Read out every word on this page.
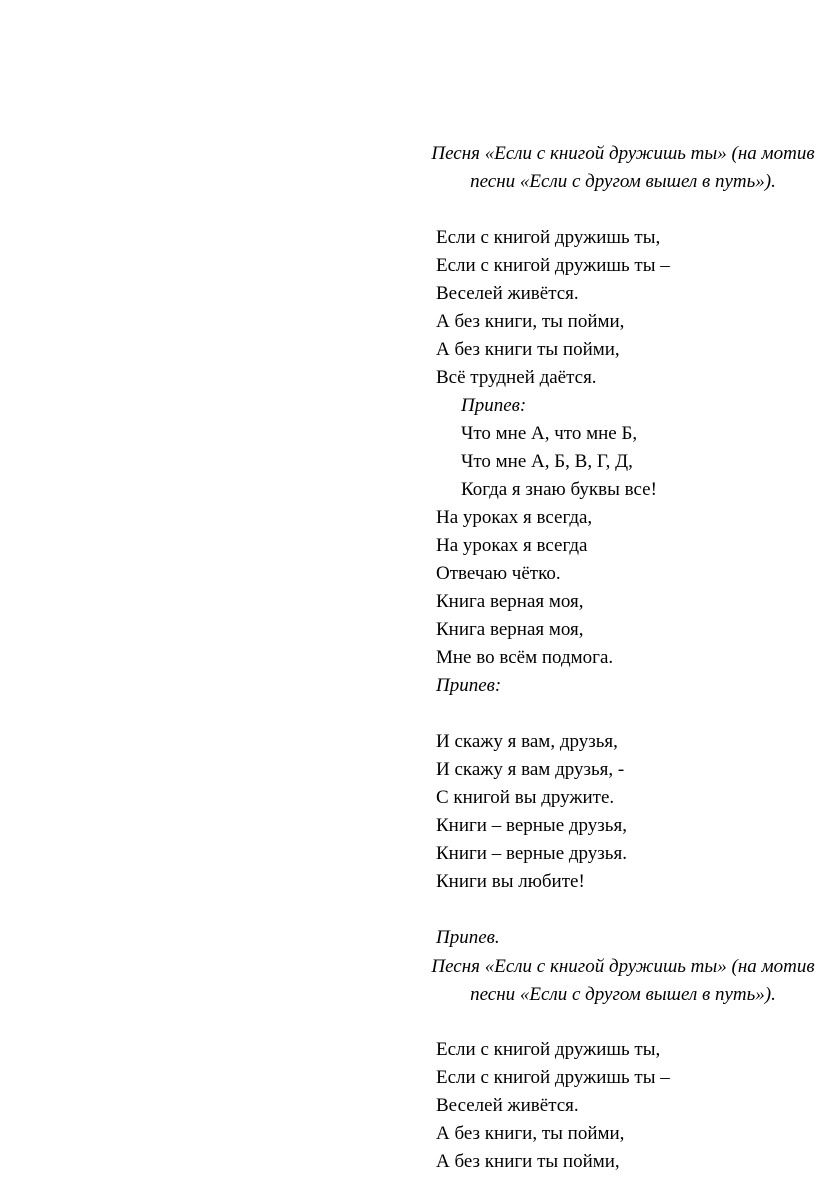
Песня «Если с книгой дружишь ты» (на мотив песни «Если с другом вышел в путь»).

Если с книгой дружишь ты,
Если с книгой дружишь ты –
Веселей живётся.
А без книги, ты пойми,
А без книги ты пойми,
Всё трудней даётся.

Припев:

Что мне А, что мне Б,
Что мне А, Б, В, Г, Д,
Когда я знаю буквы все!
На уроках я всегда,
На уроках я всегда
Отвечаю чётко.
Книга верная моя,
Книга верная моя,
Мне во всём подмога.

Припев:

И скажу я вам, друзья,
И скажу я вам друзья, -
С книгой вы дружите.
Книги – верные друзья,
Книги – верные друзья.
Книги вы любите!

Припев.

Песня «Если с книгой дружишь ты» (на мотив песни «Если с другом вышел в путь»).

Если с книгой дружишь ты,
Если с книгой дружишь ты –
Веселей живётся.
А без книги, ты пойми,
А без книги ты пойми,
